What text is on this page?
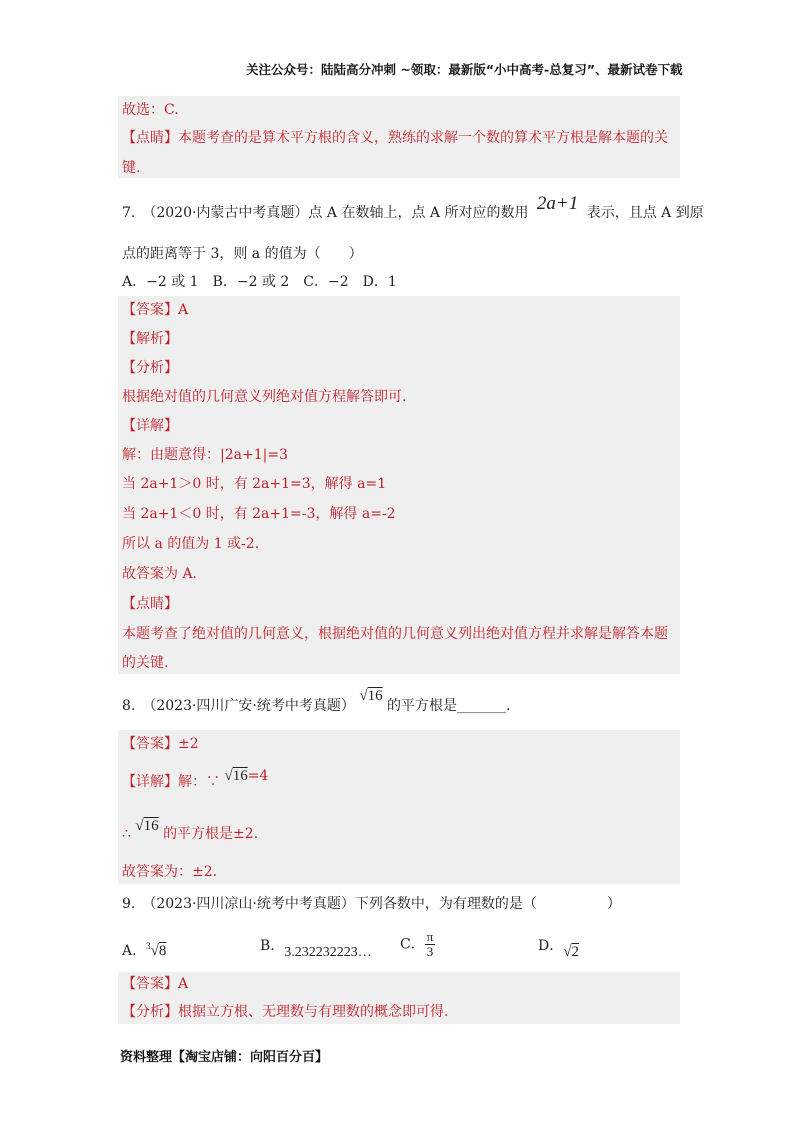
关注公众号：陆陆高分冲刺 ~领取：最新版“小中高考-总复习”、最新试卷下载
故选：C.
【点睛】本题考查的是算术平方根的含义，熟练的求解一个数的算术平方根是解本题的关
键.
7.　（2020·内蒙古中考真题）点 A 在数轴上，点 A 所对应的数用 2a+1 表示，且点 A 到原
点的距离等于 3，则 a 的值为（　　）
A．−2 或 1　B．−2 或 2　C．−2　D．1
【答案】A
【解析】
【分析】
根据绝对值的几何意义列绝对值方程解答即可.
【详解】
解：由题意得：|2a+1|=3
当 2a+1＞0 时，有 2a+1=3，解得 a=1
当 2a+1＜0 时，有 2a+1=-3，解得 a=-2
所以 a 的值为 1 或-2.
故答案为 A.
【点睛】
本题考查了绝对值的几何意义，根据绝对值的几何意义列出绝对值方程并求解是解答本题
的关键.
8.　（2023·四川广安·统考中考真题） √16 的平方根是_______.
【答案】±2
【详解】解：∵ √16=4
∴ √16 的平方根是±2.
故答案为：±2.
9.　（2023·四川凉山·统考中考真题）下列各数中，为有理数的是（　　　　　）
A．$^3$√8	B．3.232232223… C． $\frac{\pi}{3}$	D．√2
【答案】A
【分析】根据立方根、无理数与有理数的概念即可得.
资料整理【淘宝店铺：向阳百分百】
